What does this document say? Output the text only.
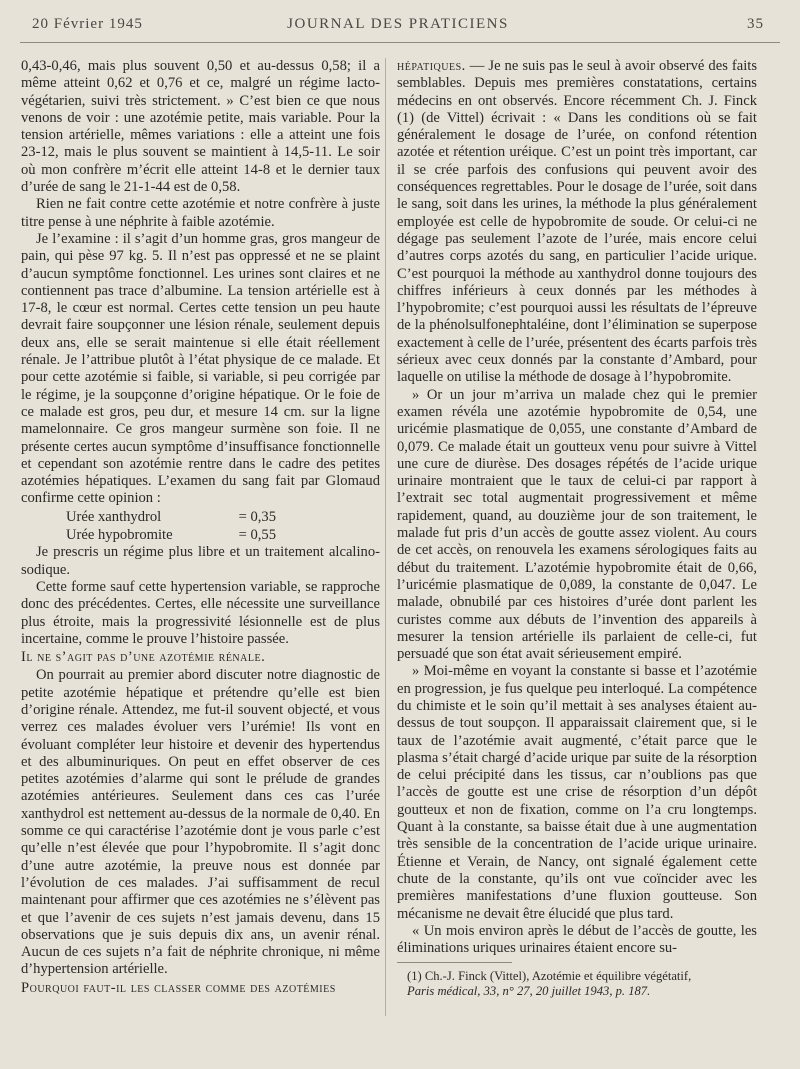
20 Février 1945	JOURNAL DES PRATICIENS	35

0,43-0,46, mais plus souvent 0,50 et au-dessus 0,58; il a même atteint 0,62 et 0,76 et ce, malgré un régime lacto-végétarien, suivi très strictement. » C’est bien ce que nous venons de voir : une azotémie petite, mais variable. Pour la tension artérielle, mêmes variations : elle a atteint une fois 23-12, mais le plus souvent se maintient à 14,5-11. Le soir où mon confrère m’écrit elle atteint 14-8 et le dernier taux d’urée de sang le 21-1-44 est de 0,58.

Rien ne fait contre cette azotémie et notre confrère à juste titre pense à une néphrite à faible azotémie.

Je l’examine : il s’agit d’un homme gras, gros mangeur de pain, qui pèse 97 kg. 5. Il n’est pas oppressé et ne se plaint d’aucun symptôme fonctionnel. Les urines sont claires et ne contiennent pas trace d’albumine. La tension artérielle est à 17-8, le cœur est normal. Certes cette tension un peu haute devrait faire soupçonner une lésion rénale, seulement depuis deux ans, elle se serait maintenue si elle était réellement rénale. Je l’attribue plutôt à l’état physique de ce malade. Et pour cette azotémie si faible, si variable, si peu corrigée par le régime, je la soupçonne d’origine hépatique. Or le foie de ce malade est gros, peu dur, et mesure 14 cm. sur la ligne mamelonnaire. Ce gros mangeur surmène son foie. Il ne présente certes aucun symptôme d’insuffisance fonctionnelle et cependant son azotémie rentre dans le cadre des petites azotémies hépatiques. L’examen du sang fait par Glomaud confirme cette opinion :

Urée xanthydrol	= 0,35
Urée hypobromite	= 0,55

Je prescris un régime plus libre et un traitement alcalino-sodique.

Cette forme sauf cette hypertension variable, se rapproche donc des précédentes. Certes, elle nécessite une surveillance plus étroite, mais la progressivité lésionnelle est de plus incertaine, comme le prouve l’histoire passée.

Il ne s’agit pas d’une azotémie rénale.

On pourrait au premier abord discuter notre diagnostic de petite azotémie hépatique et prétendre qu’elle est bien d’origine rénale. Attendez, me fut-il souvent objecté, et vous verrez ces malades évoluer vers l’urémie! Ils vont en évoluant compléter leur histoire et devenir des hypertendus et des albuminuriques. On peut en effet observer de ces petites azotémies d’alarme qui sont le prélude de grandes azotémies antérieures. Seulement dans ces cas l’urée xanthydrol est nettement au-dessus de la normale de 0,40. En somme ce qui caractérise l’azotémie dont je vous parle c’est qu’elle n’est élevée que pour l’hypobromite. Il s’agit donc d’une autre azotémie, la preuve nous est donnée par l’évolution de ces malades. J’ai suffisamment de recul maintenant pour affirmer que ces azotémies ne s’élèvent pas et que l’avenir de ces sujets n’est jamais devenu, dans 15 observations que je suis depuis dix ans, un avenir rénal. Aucun de ces sujets n’a fait de néphrite chronique, ni même d’hypertension artérielle.

Pourquoi faut-il les classer comme des azotémies

hépatiques. — Je ne suis pas le seul à avoir observé des faits semblables. Depuis mes premières constatations, certains médecins en ont observés. Encore récemment Ch. J. Finck (1) (de Vittel) écrivait : « Dans les conditions où se fait généralement le dosage de l’urée, on confond rétention azotée et rétention uréique. C’est un point très important, car il se crée parfois des confusions qui peuvent avoir des conséquences regrettables. Pour le dosage de l’urée, soit dans le sang, soit dans les urines, la méthode la plus généralement employée est celle de hypobromite de soude. Or celui-ci ne dégage pas seulement l’azote de l’urée, mais encore celui d’autres corps azotés du sang, en particulier l’acide urique. C’est pourquoi la méthode au xanthydrol donne toujours des chiffres inférieurs à ceux donnés par les méthodes à l’hypobromite; c’est pourquoi aussi les résultats de l’épreuve de la phénolsulfonephtaléine, dont l’élimination se superpose exactement à celle de l’urée, présentent des écarts parfois très sérieux avec ceux donnés par la constante d’Ambard, pour laquelle on utilise la méthode de dosage à l’hypobromite.

» Or un jour m’arriva un malade chez qui le premier examen révéla une azotémie hypobromite de 0,54, une uricémie plasmatique de 0,055, une constante d’Ambard de 0,079. Ce malade était un goutteux venu pour suivre à Vittel une cure de diurèse. Des dosages répétés de l’acide urique urinaire montraient que le taux de celui-ci par rapport à l’extrait sec total augmentait progressivement et même rapidement, quand, au douzième jour de son traitement, le malade fut pris d’un accès de goutte assez violent. Au cours de cet accès, on renouvela les examens sérologiques faits au début du traitement. L’azotémie hypobromite était de 0,66, l’uricémie plasmatique de 0,089, la constante de 0,047. Le malade, obnubilé par ces histoires d’urée dont parlent les curistes comme aux débuts de l’invention des appareils à mesurer la tension artérielle ils parlaient de celle-ci, fut persuadé que son état avait sérieusement empiré.

» Moi-même en voyant la constante si basse et l’azotémie en progression, je fus quelque peu interloqué. La compétence du chimiste et le soin qu’il mettait à ses analyses étaient au-dessus de tout soupçon. Il apparaissait clairement que, si le taux de l’azotémie avait augmenté, c’était parce que le plasma s’était chargé d’acide urique par suite de la résorption de celui précipité dans les tissus, car n’oublions pas que l’accès de goutte est une crise de résorption d’un dépôt goutteux et non de fixation, comme on l’a cru longtemps. Quant à la constante, sa baisse était due à une augmentation très sensible de la concentration de l’acide urique urinaire. Étienne et Verain, de Nancy, ont signalé également cette chute de la constante, qu’ils ont vue coïncider avec les premières manifestations d’une fluxion goutteuse. Son mécanisme ne devait être élucidé que plus tard.

« Un mois environ après le début de l’accès de goutte, les éliminations uriques urinaires étaient encore su-

(1) Ch.-J. Finck (Vittel), Azotémie et équilibre végétatif,
Paris médical, 33, n° 27, 20 juillet 1943, p. 187.
